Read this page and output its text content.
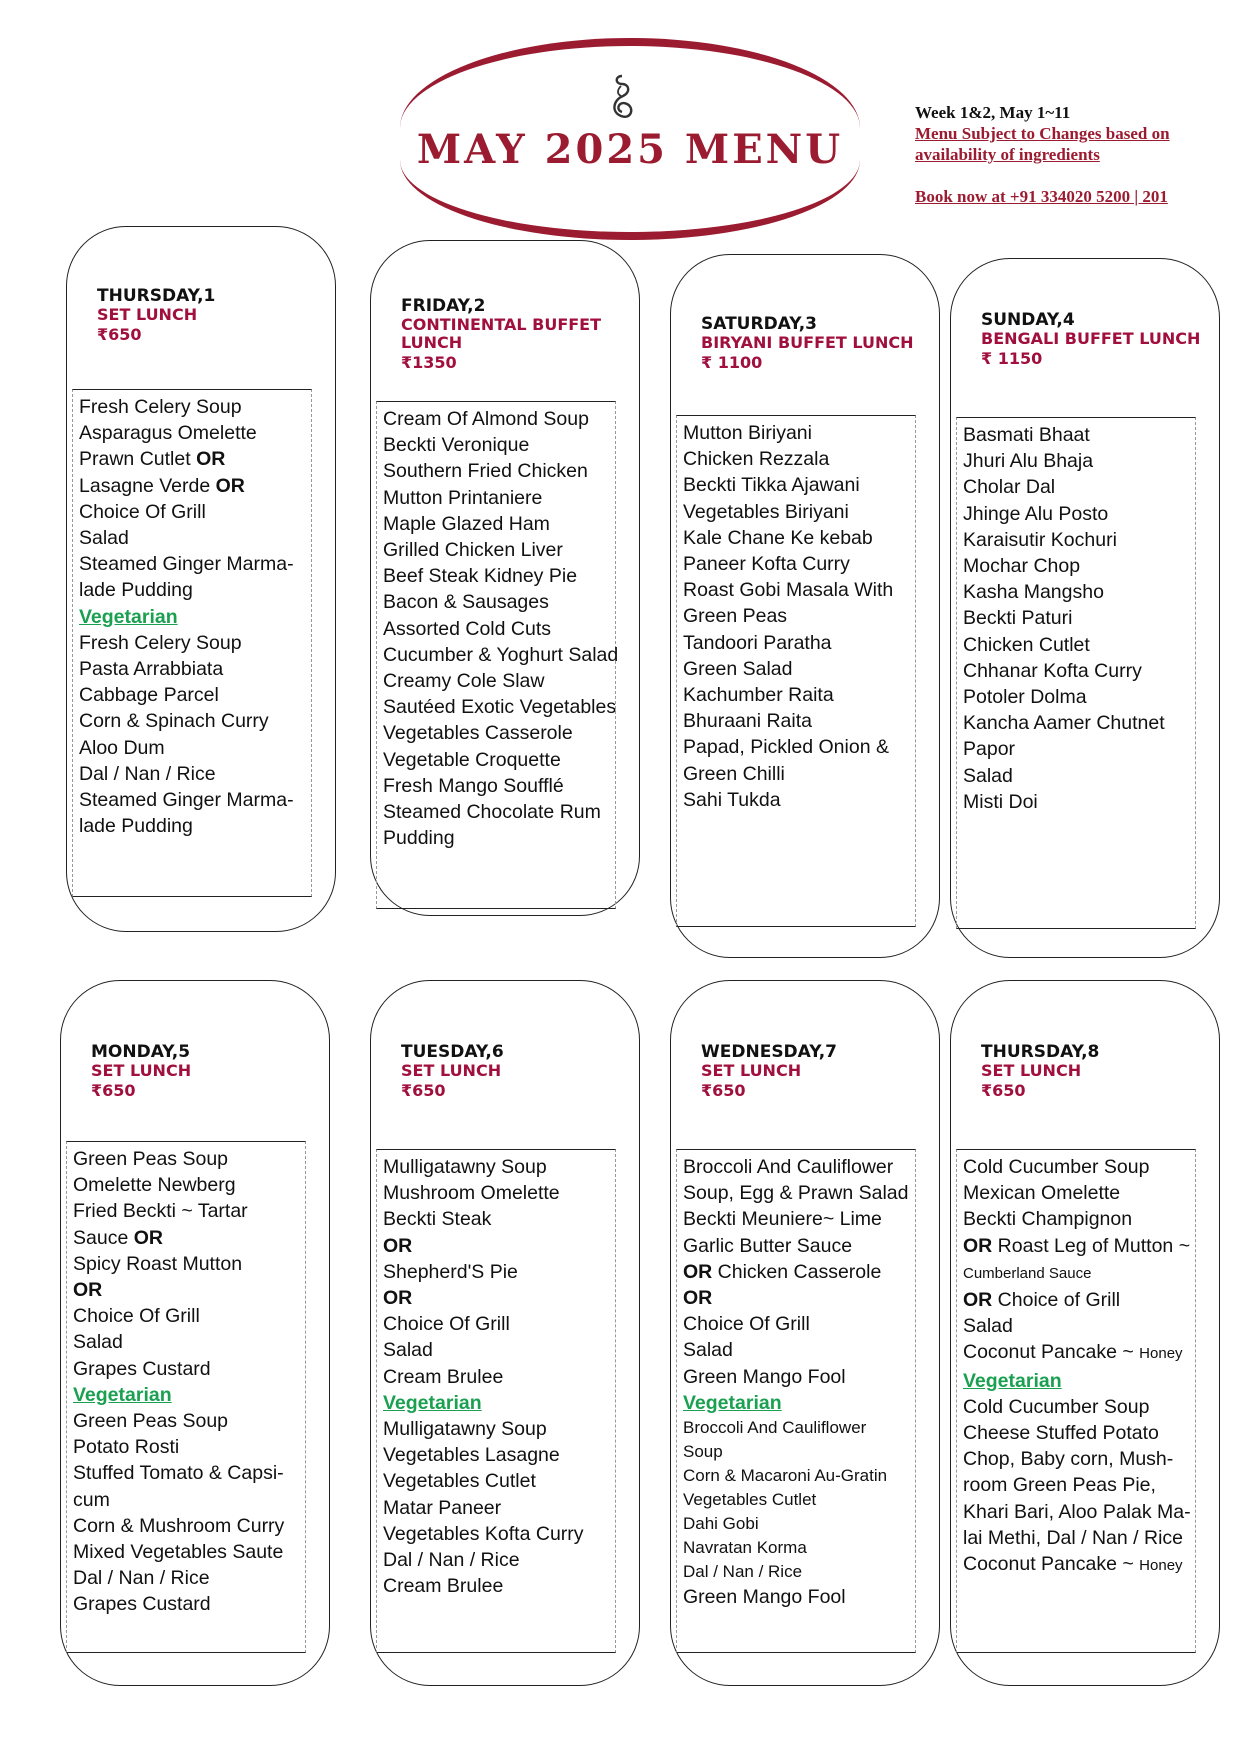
MAY 2025 MENU
Week 1&2, May 1~11
Menu Subject to Changes based on
availability of ingredients
Book now at +91 334020 5200 | 201
THURSDAY,1
SET LUNCH
₹650
Fresh Celery Soup
Asparagus Omelette
Prawn Cutlet OR
Lasagne Verde OR
Choice Of Grill
Salad
Steamed Ginger Marma-
lade Pudding
Vegetarian
Fresh Celery Soup
Pasta Arrabbiata
Cabbage Parcel
Corn & Spinach Curry
Aloo Dum
Dal / Nan / Rice
Steamed Ginger Marma-
lade Pudding
FRIDAY,2
CONTINENTAL BUFFET LUNCH
₹1350
Cream Of Almond Soup
Beckti Veronique
Southern Fried Chicken
Mutton Printaniere
Maple Glazed Ham
Grilled Chicken Liver
Beef Steak Kidney Pie
Bacon & Sausages
Assorted Cold Cuts
Cucumber & Yoghurt Salad
Creamy Cole Slaw
Sautéed Exotic Vegetables
Vegetables Casserole
Vegetable Croquette
Fresh Mango Soufflé
Steamed Chocolate Rum
Pudding
SATURDAY,3
BIRYANI BUFFET LUNCH
₹ 1100
Mutton Biriyani
Chicken Rezzala
Beckti Tikka Ajawani
Vegetables Biriyani
Kale Chane Ke kebab
Paneer Kofta Curry
Roast Gobi Masala With
Green Peas
Tandoori Paratha
Green Salad
Kachumber Raita
Bhuraani Raita
Papad, Pickled Onion &
Green Chilli
Sahi Tukda
SUNDAY,4
BENGALI BUFFET LUNCH
₹ 1150
Basmati Bhaat
Jhuri Alu Bhaja
Cholar Dal
Jhinge Alu Posto
Karaisutir Kochuri
Mochar Chop
Kasha Mangsho
Beckti Paturi
Chicken Cutlet
Chhanar Kofta Curry
Potoler Dolma
Kancha Aamer Chutnet
Papor
Salad
Misti Doi
MONDAY,5
SET LUNCH
₹650
Green Peas Soup
Omelette Newberg
Fried Beckti ~ Tartar
Sauce OR
Spicy Roast Mutton
OR
Choice Of Grill
Salad
Grapes Custard
Vegetarian
Green Peas Soup
Potato Rosti
Stuffed Tomato & Capsi-
cum
Corn & Mushroom Curry
Mixed Vegetables Saute
Dal / Nan / Rice
Grapes Custard
TUESDAY,6
SET LUNCH
₹650
Mulligatawny Soup
Mushroom Omelette
Beckti Steak
OR
Shepherd'S Pie
OR
Choice Of Grill
Salad
Cream Brulee
Vegetarian
Mulligatawny Soup
Vegetables Lasagne
Vegetables Cutlet
Matar Paneer
Vegetables Kofta Curry
Dal / Nan / Rice
Cream Brulee
WEDNESDAY,7
SET LUNCH
₹650
Broccoli And Cauliflower
Soup, Egg & Prawn Salad
Beckti Meuniere~ Lime
Garlic Butter Sauce
OR Chicken Casserole
OR
Choice Of Grill
Salad
Green Mango Fool
Vegetarian
Broccoli And Cauliflower
Soup
Corn & Macaroni Au-Gratin
Vegetables Cutlet
Dahi Gobi
Navratan Korma
Dal / Nan / Rice
Green Mango Fool
THURSDAY,8
SET LUNCH
₹650
Cold Cucumber Soup
Mexican Omelette
Beckti Champignon
OR Roast Leg of Mutton ~
Cumberland Sauce
OR Choice of Grill
Salad
Coconut Pancake ~ Honey
Vegetarian
Cold Cucumber Soup
Cheese Stuffed Potato
Chop, Baby corn, Mush-
room Green Peas Pie,
Khari Bari, Aloo Palak Ma-
lai Methi, Dal / Nan / Rice
Coconut Pancake ~ Honey
